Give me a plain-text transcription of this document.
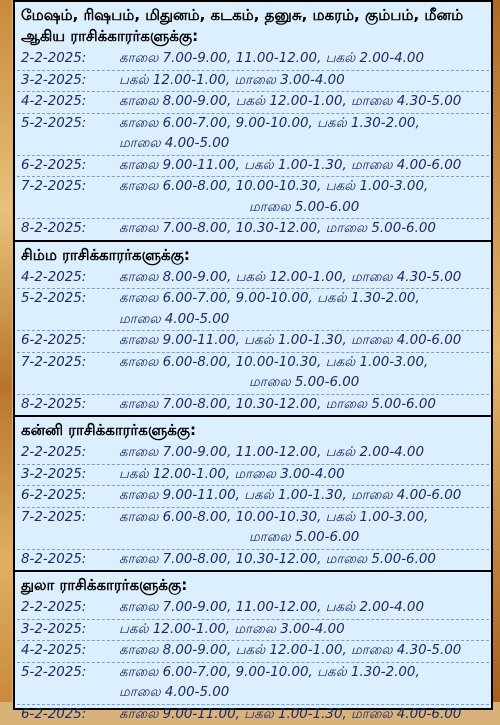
மேஷம், ரிஷபம், மிதுனம், கடகம், தனுசு, மகரம், கும்பம், மீனம் ஆகிய ராசிக்காரர்களுக்கு:
2-2-2025:	காலை 7.00-9.00, 11.00-12.00, பகல் 2.00-4.00
3-2-2025:	பகல் 12.00-1.00, மாலை 3.00-4.00
4-2-2025:	காலை 8.00-9.00, பகல் 12.00-1.00, மாலை 4.30-5.00
5-2-2025:	காலை 6.00-7.00, 9.00-10.00, பகல் 1.30-2.00,
மாலை 4.00-5.00
6-2-2025:	காலை 9.00-11.00, பகல் 1.00-1.30, மாலை 4.00-6.00
7-2-2025:	காலை 6.00-8.00, 10.00-10.30, பகல் 1.00-3.00,
மாலை 5.00-6.00
8-2-2025:	காலை 7.00-8.00, 10.30-12.00, மாலை 5.00-6.00
சிம்ம ராசிக்காரர்களுக்கு:
4-2-2025:	காலை 8.00-9.00, பகல் 12.00-1.00, மாலை 4.30-5.00
5-2-2025:	காலை 6.00-7.00, 9.00-10.00, பகல் 1.30-2.00,
மாலை 4.00-5.00
6-2-2025:	காலை 9.00-11.00, பகல் 1.00-1.30, மாலை 4.00-6.00
7-2-2025:	காலை 6.00-8.00, 10.00-10.30, பகல் 1.00-3.00,
மாலை 5.00-6.00
8-2-2025:	காலை 7.00-8.00, 10.30-12.00, மாலை 5.00-6.00
கன்னி ராசிக்காரர்களுக்கு:
2-2-2025:	காலை 7.00-9.00, 11.00-12.00, பகல் 2.00-4.00
3-2-2025:	பகல் 12.00-1.00, மாலை 3.00-4.00
6-2-2025:	காலை 9.00-11.00, பகல் 1.00-1.30, மாலை 4.00-6.00
7-2-2025:	காலை 6.00-8.00, 10.00-10.30, பகல் 1.00-3.00,
மாலை 5.00-6.00
8-2-2025:	காலை 7.00-8.00, 10.30-12.00, மாலை 5.00-6.00
துலா ராசிக்காரர்களுக்கு:
2-2-2025:	காலை 7.00-9.00, 11.00-12.00, பகல் 2.00-4.00
3-2-2025:	பகல் 12.00-1.00, மாலை 3.00-4.00
4-2-2025:	காலை 8.00-9.00, பகல் 12.00-1.00, மாலை 4.30-5.00
5-2-2025:	காலை 6.00-7.00, 9.00-10.00, பகல் 1.30-2.00,
மாலை 4.00-5.00
6-2-2025:	காலை 9.00-11.00, பகல் 1.00-1.30, மாலை 4.00-6.00
